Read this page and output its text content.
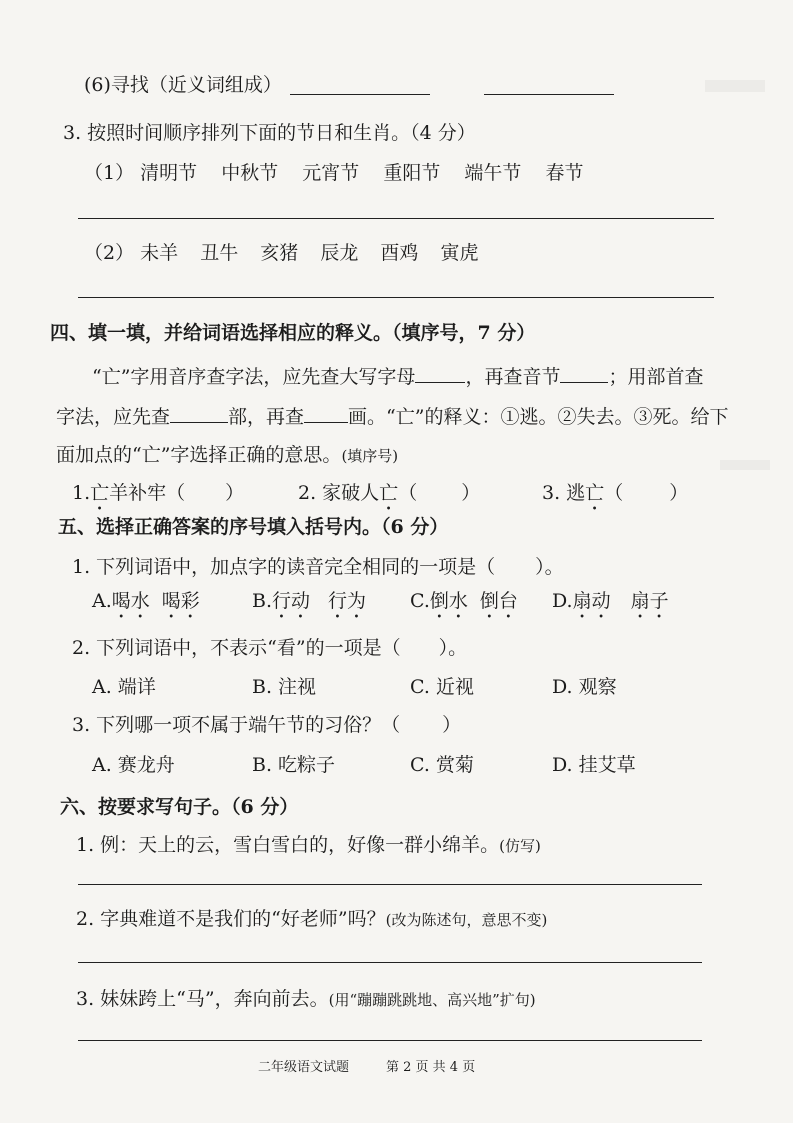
(6)寻找（近义词组成）
3. 按照时间顺序排列下面的节日和生肖。（4 分）
（1） 清明节 中秋节 元宵节 重阳节 端午节 春节
（2） 未羊 丑牛 亥猪 辰龙 酉鸡 寅虎
四、填一填，并给词语选择相应的释义。（填序号，7 分）
“亡”字用音序查字法，应先查大写字母	，再查音节	；用部首查
字法，应先查	部，再查 画。“亡”的释义：①逃。②失去。③死。给下
面加点的“亡”字选择正确的意思。(填序号)
1.亡羊补牢（ ）	2. 家破人亡（ ）	3. 逃亡（ ）
五、选择正确答案的序号填入括号内。（6 分）
1. 下列词语中，加点字的读音完全相同的一项是（ ）。
A.喝水 喝彩	B.行动 行为 C.倒水 倒台 D.扇动 扇子
2. 下列词语中，不表示“看”的一项是（ ）。
A. 端详	B. 注视	C. 近视	D. 观察
3. 下列哪一项不属于端午节的习俗？（ ）
A. 赛龙舟	B. 吃粽子	C. 赏菊	D. 挂艾草
六、按要求写句子。（6 分）
1. 例：天上的云，雪白雪白的，好像一群小绵羊。(仿写)
2. 字典难道不是我们的“好老师”吗？(改为陈述句，意思不变)
3. 妹妹跨上“马”，奔向前去。(用“蹦蹦跳跳地、高兴地”扩句)
二年级语文试题	第 2 页 共 4 页
